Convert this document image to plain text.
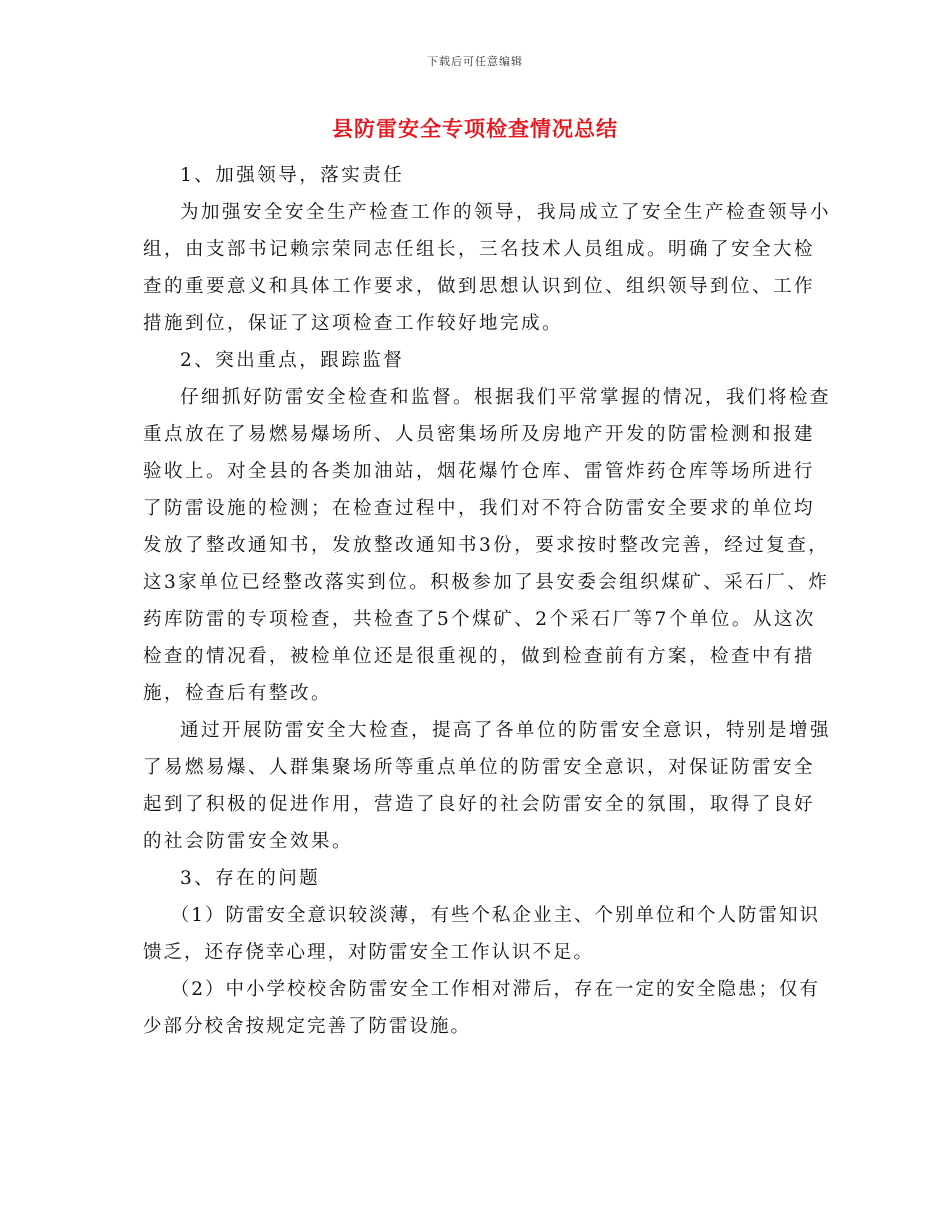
下载后可任意编辑
县防雷安全专项检查情况总结

1、加强领导，落实责任

为加强安全安全生产检查工作的领导，我局成立了安全生产检查领导小组，由支部书记赖宗荣同志任组长，三名技术人员组成。明确了安全大检查的重要意义和具体工作要求，做到思想认识到位、组织领导到位、工作措施到位，保证了这项检查工作较好地完成。

2、突出重点，跟踪监督

仔细抓好防雷安全检查和监督。根据我们平常掌握的情况，我们将检查重点放在了易燃易爆场所、人员密集场所及房地产开发的防雷检测和报建验收上。对全县的各类加油站，烟花爆竹仓库、雷管炸药仓库等场所进行了防雷设施的检测；在检查过程中，我们对不符合防雷安全要求的单位均发放了整改通知书，发放整改通知书3份，要求按时整改完善，经过复查，这3家单位已经整改落实到位。积极参加了县安委会组织煤矿、采石厂、炸药库防雷的专项检查，共检查了5个煤矿、2个采石厂等7个单位。从这次检查的情况看，被检单位还是很重视的，做到检查前有方案，检查中有措施，检查后有整改。

通过开展防雷安全大检查，提高了各单位的防雷安全意识，特别是增强了易燃易爆、人群集聚场所等重点单位的防雷安全意识，对保证防雷安全起到了积极的促进作用，营造了良好的社会防雷安全的氛围，取得了良好的社会防雷安全效果。

3、存在的问题

（1）防雷安全意识较淡薄，有些个私企业主、个别单位和个人防雷知识馈乏，还存侥幸心理，对防雷安全工作认识不足。

（2）中小学校校舍防雷安全工作相对滞后，存在一定的安全隐患；仅有少部分校舍按规定完善了防雷设施。
